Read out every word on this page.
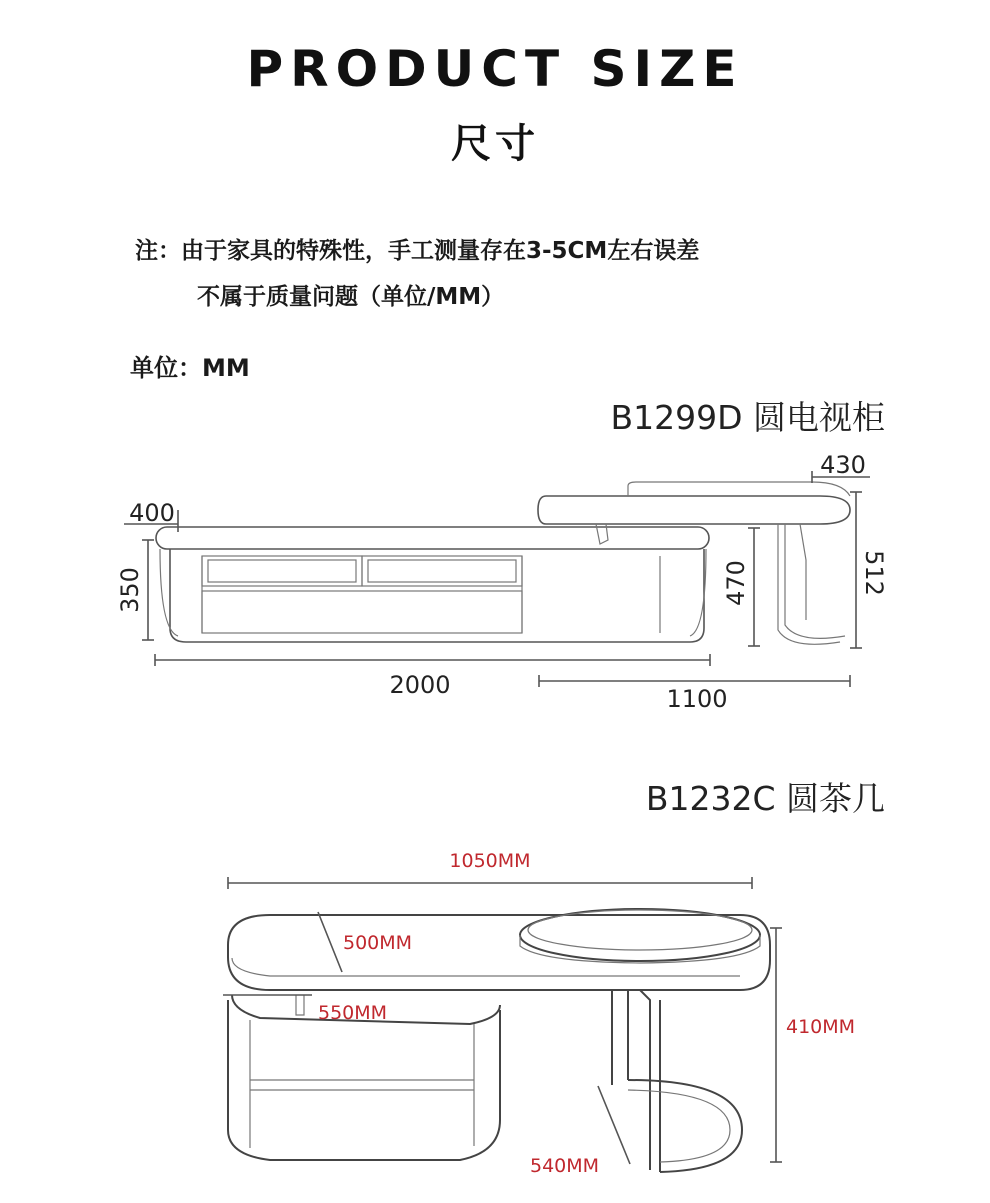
PRODUCT SIZE
尺寸
注：由于家具的特殊性，手工测量存在3-5CM左右误差
不属于质量问题（单位/MM）
单位：MM
B1299D 圆电视柜
B1232C 圆茶几
400
350
2000
430
470	512
1100
1050MM
500MM
550MM
540MM
410MM
